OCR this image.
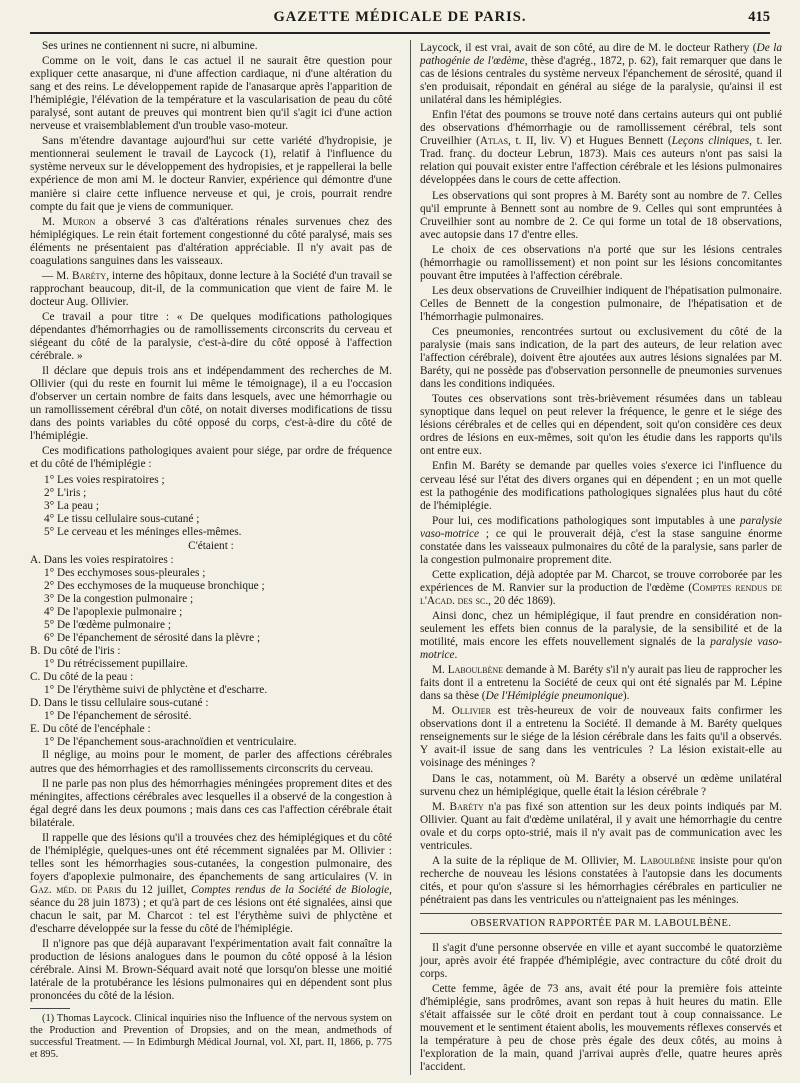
GAZETTE MÉDICALE DE PARIS.	415

Ses urines ne contiennent ni sucre, ni albumine.

Comme on le voit, dans le cas actuel il ne saurait être question pour expliquer cette anasarque, ni d'une affection cardiaque, ni d'une altération du sang et des reins. Le développement rapide de l'anasarque après l'apparition de l'hémiplégie, l'élévation de la température et la vascularisation de peau du côté paralysé, sont autant de preuves qui montrent bien qu'il s'agit ici d'une action nerveuse et vraisemblablement d'un trouble vaso-moteur.

Sans m'étendre davantage aujourd'hui sur cette variété d'hydropisie, je mentionnerai seulement le travail de Laycock (1), relatif à l'influence du système nerveux sur le développement des hydropisies, et je rappellerai la belle expérience de mon ami M. le docteur Ranvier, expérience qui démontre d'une manière si claire cette influence nerveuse et qui, je crois, pourrait rendre compte du fait que je viens de communiquer.

M. Muron a observé 3 cas d'altérations rénales survenues chez des hémiplégiques. Le rein était fortement congestionné du côté paralysé, mais ses éléments ne présentaient pas d'altération appréciable. Il n'y avait pas de coagulations sanguines dans les vaisseaux.

— M. Baréty, interne des hôpitaux, donne lecture à la Société d'un travail se rapprochant beaucoup, dit-il, de la communication que vient de faire M. le docteur Aug. Ollivier.

Ce travail a pour titre : « De quelques modifications pathologiques dépendantes d'hémorrhagies ou de ramollissements circonscrits du cerveau et siégeant du côté de la paralysie, c'est-à-dire du côté opposé à l'affection cérébrale. »

Il déclare que depuis trois ans et indépendamment des recherches de M. Ollivier (qui du reste en fournit lui même le témoignage), il a eu l'occasion d'observer un certain nombre de faits dans lesquels, avec une hémorrhagie ou un ramollissement cérébral d'un côté, on notait diverses modifications de tissu dans des points variables du côté opposé du corps, c'est-à-dire du côté de l'hémiplégie.

Ces modifications pathologiques avaient pour siége, par ordre de fréquence et du côté de l'hémiplégie :

1° Les voies respiratoires ;
2° L'iris ;
3° La peau ;
4° Le tissu cellulaire sous-cutané ;
5° Le cerveau et les méninges elles-mêmes.
C'étaient :
A. Dans les voies respiratoires :
1° Des ecchymoses sous-pleurales ;
2° Des ecchymoses de la muqueuse bronchique ;
3° De la congestion pulmonaire ;
4° De l'apoplexie pulmonaire ;
5° De l'œdème pulmonaire ;
6° De l'épanchement de sérosité dans la plèvre ;
B. Du côté de l'iris :
1° Du rétrécissement pupillaire.
C. Du côté de la peau :
1° De l'érythème suivi de phlyctène et d'escharre.
D. Dans le tissu cellulaire sous-cutané :
1° De l'épanchement de sérosité.
E. Du côté de l'encéphale :
1° De l'épanchement sous-arachnoïdien et ventriculaire.

Il néglige, au moins pour le moment, de parler des affections cérébrales autres que des hémorrhagies et des ramollissements circonscrits du cerveau.

Il ne parle pas non plus des hémorrhagies méningées proprement dites et des méningites, affections cérébrales avec lesquelles il a observé de la congestion à égal degré dans les deux poumons ; mais dans ces cas l'affection cérébrale était bilatérale.

Il rappelle que des lésions qu'il a trouvées chez des hémiplégiques et du côté de l'hémiplégie, quelques-unes ont été récemment signalées par M. Ollivier : telles sont les hémorrhagies sous-cutanées, la congestion pulmonaire, des foyers d'apoplexie pulmonaire, des épanchements de sang articulaires (V. in Gaz. méd. de Paris du 12 juillet, Comptes rendus de la Société de Biologie, séance du 28 juin 1873) ; et qu'à part de ces lésions ont été signalées, ainsi que chacun le sait, par M. Charcot : tel est l'érythème suivi de phlyctène et d'escharre développée sur la fesse du côté de l'hémiplégie.

Il n'ignore pas que déjà auparavant l'expérimentation avait fait connaître la production de lésions analogues dans le poumon du côté opposé à la lésion cérébrale. Ainsi M. Brown-Séquard avait noté que lorsqu'on blesse une moitié latérale de la protubérance les lésions pulmonaires qui en dépendent sont plus prononcées du côté de la lésion.

(1) Thomas Laycock. Clinical inquiries niso the Influence of the nervous system on the Production and Prevention of Dropsies, and on the mean, andmethods of successful Treatment. — In Edimburgh Médical Journal, vol. XI, part. II, 1866, p. 775 et 895.

Laycock, il est vrai, avait de son côté, au dire de M. le docteur Rathery (De la pathogénie de l'œdème, thèse d'agrég., 1872, p. 62), fait remarquer que dans le cas de lésions centrales du système nerveux l'épanchement de sérosité, quand il s'en produisait, répondait en général au siége de la paralysie, qu'ainsi il est unilatéral dans les hémiplégies.

Enfin l'état des poumons se trouve noté dans certains auteurs qui ont publié des observations d'hémorrhagie ou de ramollissement cérébral, tels sont Cruveilhier (Atlas, t. II, liv. V) et Hugues Bennett (Leçons cliniques, t. Ier. Trad. franç. du docteur Lebrun, 1873). Mais ces auteurs n'ont pas saisi la relation qui pouvait exister entre l'affection cérébrale et les lésions pulmonaires développées dans le cours de cette affection.

Les observations qui sont propres à M. Baréty sont au nombre de 7. Celles qu'il emprunte à Bennett sont au nombre de 9. Celles qui sont empruntées à Cruveilhier sont au nombre de 2. Ce qui forme un total de 18 observations, avec autopsie dans 17 d'entre elles.

Le choix de ces observations n'a porté que sur les lésions centrales (hémorrhagie ou ramollissement) et non point sur les lésions concomitantes pouvant être imputées à l'affection cérébrale.

Les deux observations de Cruveilhier indiquent de l'hépatisation pulmonaire. Celles de Bennett de la congestion pulmonaire, de l'hépatisation et de l'hémorrhagie pulmonaires.

Ces pneumonies, rencontrées surtout ou exclusivement du côté de la paralysie (mais sans indication, de la part des auteurs, de leur relation avec l'affection cérébrale), doivent être ajoutées aux autres lésions signalées par M. Baréty, qui ne possède pas d'observation personnelle de pneumonies survenues dans les conditions indiquées.

Toutes ces observations sont très-brièvement résumées dans un tableau synoptique dans lequel on peut relever la fréquence, le genre et le siége des lésions cérébrales et de celles qui en dépendent, soit qu'on considère ces deux ordres de lésions en eux-mêmes, soit qu'on les étudie dans les rapports qu'ils ont entre eux.

Enfin M. Baréty se demande par quelles voies s'exerce ici l'influence du cerveau lésé sur l'état des divers organes qui en dépendent ; en un mot quelle est la pathogénie des modifications pathologiques signalées plus haut du côté de l'hémiplégie.

Pour lui, ces modifications pathologiques sont imputables à une paralysie vaso-motrice ; ce qui le prouverait déjà, c'est la stase sanguine énorme constatée dans les vaisseaux pulmonaires du côté de la paralysie, sans parler de la congestion pulmonaire proprement dite.

Cette explication, déjà adoptée par M. Charcot, se trouve corroborée par les expériences de M. Ranvier sur la production de l'œdème (Comptes rendus de l'Acad. des sc., 20 déc 1869).

Ainsi donc, chez un hémiplégique, il faut prendre en considération non-seulement les effets bien connus de la paralysie, de la sensibilité et de la motilité, mais encore les effets nouvellement signalés de la paralysie vaso-motrice.

M. Laboulbène demande à M. Baréty s'il n'y aurait pas lieu de rapprocher les faits dont il a entretenu la Société de ceux qui ont été signalés par M. Lépine dans sa thèse (De l'Hémiplégie pneumonique).

M. Ollivier est très-heureux de voir de nouveaux faits confirmer les observations dont il a entretenu la Société. Il demande à M. Baréty quelques renseignements sur le siége de la lésion cérébrale dans les faits qu'il a observés. Y avait-il issue de sang dans les ventricules ? La lésion existait-elle au voisinage des méninges ?

Dans le cas, notamment, où M. Baréty a observé un œdème unilatéral survenu chez un hémiplégique, quelle était la lésion cérébrale ?

M. Baréty n'a pas fixé son attention sur les deux points indiqués par M. Ollivier. Quant au fait d'œdème unilatéral, il y avait une hémorrhagie du centre ovale et du corps opto-strié, mais il n'y avait pas de communication avec les ventricules.

A la suite de la réplique de M. Ollivier, M. Laboulbène insiste pour qu'on recherche de nouveau les lésions constatées à l'autopsie dans les documents cités, et pour qu'on s'assure si les hémorrhagies cérébrales en particulier ne pénétraient pas dans les ventricules ou n'atteignaient pas les méninges.

OBSERVATION RAPPORTÉE PAR M. LABOULBÈNE.

Il s'agit d'une personne observée en ville et ayant succombé le quatorzième jour, après avoir été frappée d'hémiplégie, avec contracture du côté droit du corps.

Cette femme, âgée de 73 ans, avait été pour la première fois atteinte d'hémiplégie, sans prodrômes, avant son repas à huit heures du matin. Elle s'était affaissée sur le côté droit en perdant tout à coup connaissance. Le mouvement et le sentiment étaient abolis, les mouvements réflexes conservés et la température à peu de chose près égale des deux côtés, au moins à l'exploration de la main, quand j'arrivai auprès d'elle, quatre heures après l'accident.
